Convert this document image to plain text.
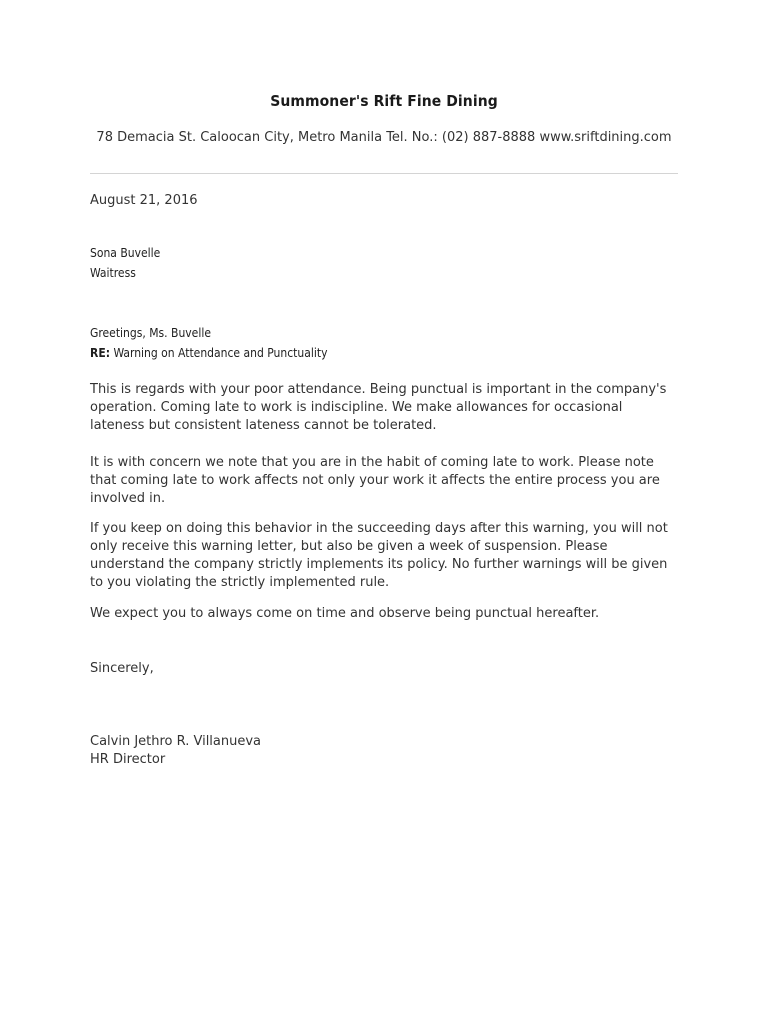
Summoner's Rift Fine Dining
78 Demacia St. Caloocan City, Metro Manila Tel. No.: (02) 887-8888 www.sriftdining.com
August 21, 2016
Sona Buvelle
Waitress
Greetings, Ms. Buvelle
RE: Warning on Attendance and Punctuality
This is regards with your poor attendance. Being punctual is important in the company's operation. Coming late to work is indiscipline. We make allowances for occasional lateness but consistent lateness cannot be tolerated.
It is with concern we note that you are in the habit of coming late to work. Please note that coming late to work affects not only your work it affects the entire process you are involved in.
If you keep on doing this behavior in the succeeding days after this warning, you will not only receive this warning letter, but also be given a week of suspension. Please understand the company strictly implements its policy. No further warnings will be given to you violating the strictly implemented rule.
We expect you to always come on time and observe being punctual hereafter.
Sincerely,
Calvin Jethro R. Villanueva
HR Director
